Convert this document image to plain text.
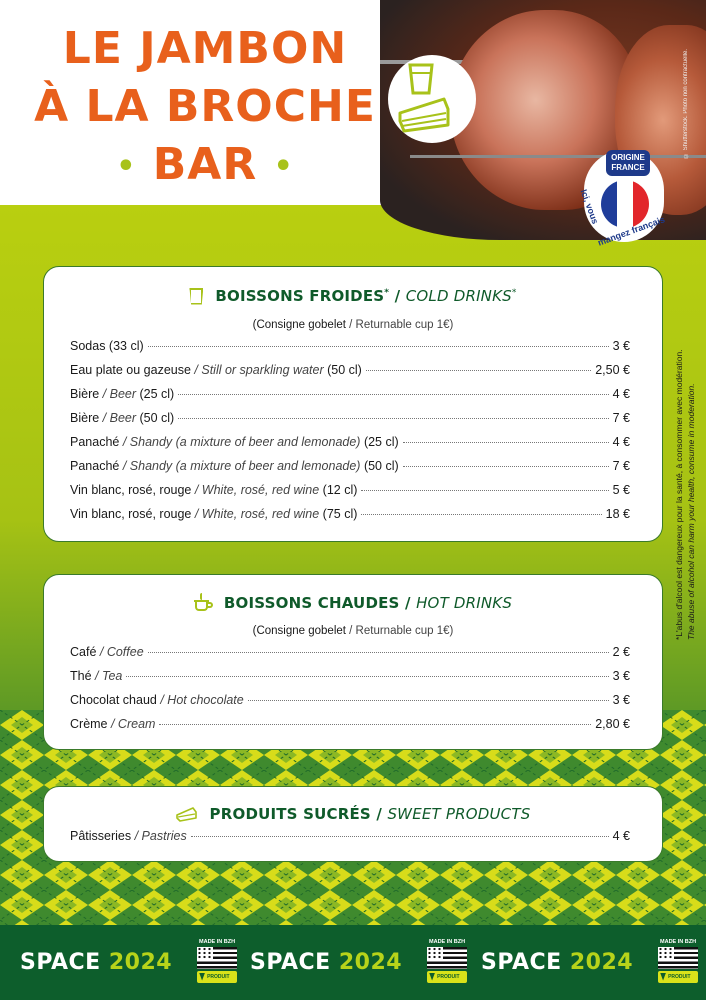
© Shutterstock. Photo non contractuelle.
LE JAMBON
À LA BROCHE
• BAR •	ORIGINE
FRANCE
Ici, vous
mangez français
*L'abus d'alcool est dangereux pour la santé, à consommer avec modération. The abuse of alcohol can harm your health, consume in moderation.
BOISSONS FROIDES* / COLD DRINKS*
(Consigne gobelet / Returnable cup 1€)
Sodas (33 cl)	3 €
Eau plate ou gazeuse / Still or sparkling water (50 cl)	2,50 €
Bière / Beer (25 cl)	4 €
Bière / Beer (50 cl)	7 €
Panaché / Shandy (a mixture of beer and lemonade) (25 cl)	4 €
Panaché / Shandy (a mixture of beer and lemonade) (50 cl)	7 €
Vin blanc, rosé, rouge / White, rosé, red wine (12 cl)	5 €
Vin blanc, rosé, rouge / White, rosé, red wine (75 cl)	18 €
BOISSONS CHAUDES / HOT DRINKS
(Consigne gobelet / Returnable cup 1€)
Café / Coffee	2 €
Thé / Tea	3 €
Chocolat chaud / Hot chocolate	3 €
Crème / Cream	2,80 €
PRODUITS SUCRÉS / SWEET PRODUCTS
Pâtisseries / Pastries	4 €
SPACE 2024
MADE IN BZH
PRODUIT
SPACE 2024
MADE IN BZH
PRODUIT
SPACE 2024
MADE IN BZH
PRODUIT
